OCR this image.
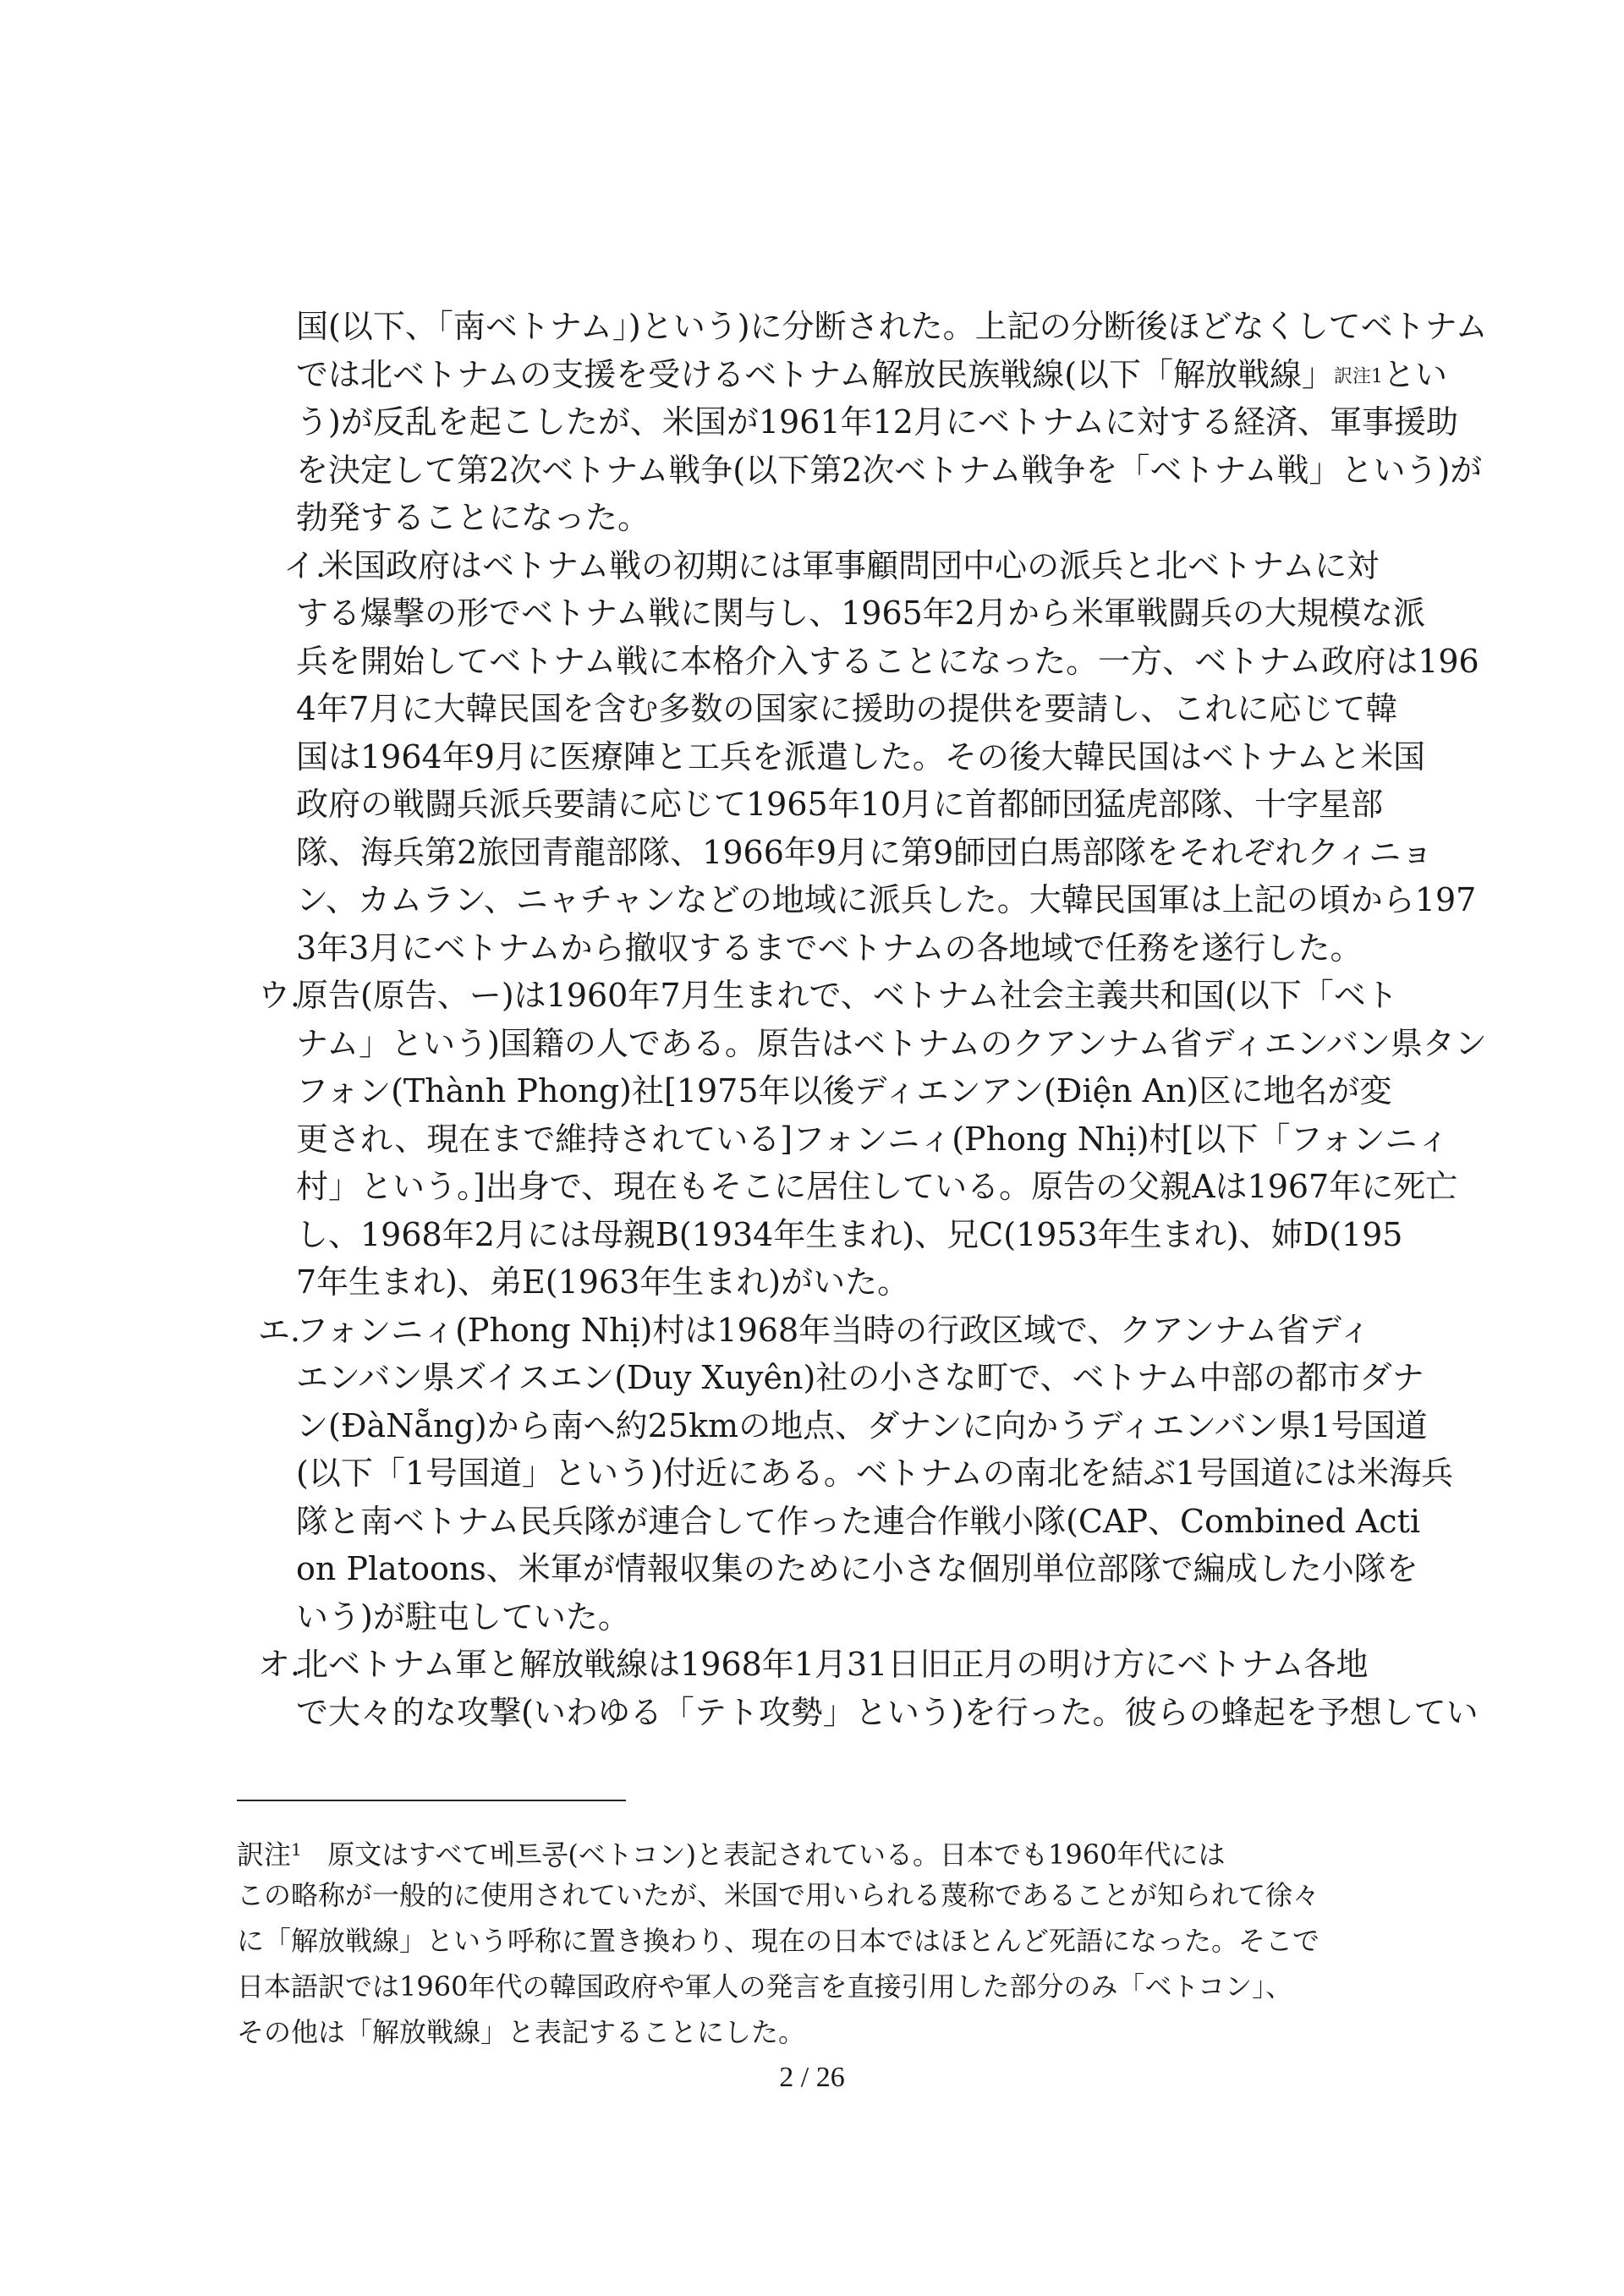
国(以下、「南ベトナム」)という)に分断された。上記の分断後ほどなくしてベトナム
では北ベトナムの支援を受けるベトナム解放民族戦線(以下「解放戦線」訳注1とい
う)が反乱を起こしたが、米国が1961年12月にベトナムに対する経済、軍事援助
を決定して第2次ベトナム戦争(以下第2次ベトナム戦争を「ベトナム戦」という)が
勃発することになった。
イ.米国政府はベトナム戦の初期には軍事顧問団中心の派兵と北ベトナムに対
する爆撃の形でベトナム戦に関与し、1965年2月から米軍戦闘兵の大規模な派
兵を開始してベトナム戦に本格介入することになった。一方、ベトナム政府は196
4年7月に大韓民国を含む多数の国家に援助の提供を要請し、これに応じて韓
国は1964年9月に医療陣と工兵を派遣した。その後大韓民国はベトナムと米国
政府の戦闘兵派兵要請に応じて1965年10月に首都師団猛虎部隊、十字星部
隊、海兵第2旅団青龍部隊、1966年9月に第9師団白馬部隊をそれぞれクィニョ
ン、カムラン、ニャチャンなどの地域に派兵した。大韓民国軍は上記の頃から197
3年3月にベトナムから撤収するまでベトナムの各地域で任務を遂行した。
ウ.原告(原告、ー)は1960年7月生まれで、ベトナム社会主義共和国(以下「ベト
ナム」という)国籍の人である。原告はベトナムのクアンナム省ディエンバン県タン
フォン(Thành Phong)社[1975年以後ディエンアン(Điện An)区に地名が変
更され、現在まで維持されている]フォンニィ(Phong Nhị)村[以下「フォンニィ
村」という。]出身で、現在もそこに居住している。原告の父親Aは1967年に死亡
し、1968年2月には母親B(1934年生まれ)、兄C(1953年生まれ)、姉D(195
7年生まれ)、弟E(1963年生まれ)がいた。
エ.フォンニィ(Phong Nhị)村は1968年当時の行政区域で、クアンナム省ディ
エンバン県ズイスエン(Duy Xuyên)社の小さな町で、ベトナム中部の都市ダナ
ン(ĐàNẵng)から南へ約25kmの地点、ダナンに向かうディエンバン県1号国道
(以下「1号国道」という)付近にある。ベトナムの南北を結ぶ1号国道には米海兵
隊と南ベトナム民兵隊が連合して作った連合作戦小隊(CAP、Combined Acti
on Platoons、米軍が情報収集のために小さな個別単位部隊で編成した小隊を
いう)が駐屯していた。
オ.北ベトナム軍と解放戦線は1968年1月31日旧正月の明け方にベトナム各地
で大々的な攻撃(いわゆる「テト攻勢」という)を行った。彼らの蜂起を予想してい
訳注$^1$ 原文はすべて베트콩(ベトコン)と表記されている。日本でも1960年代には
この略称が一般的に使用されていたが、米国で用いられる蔑称であることが知られて徐々
に「解放戦線」という呼称に置き換わり、現在の日本ではほとんど死語になった。そこで
日本語訳では1960年代の韓国政府や軍人の発言を直接引用した部分のみ「ベトコン」、
その他は「解放戦線」と表記することにした。
2 / 26
